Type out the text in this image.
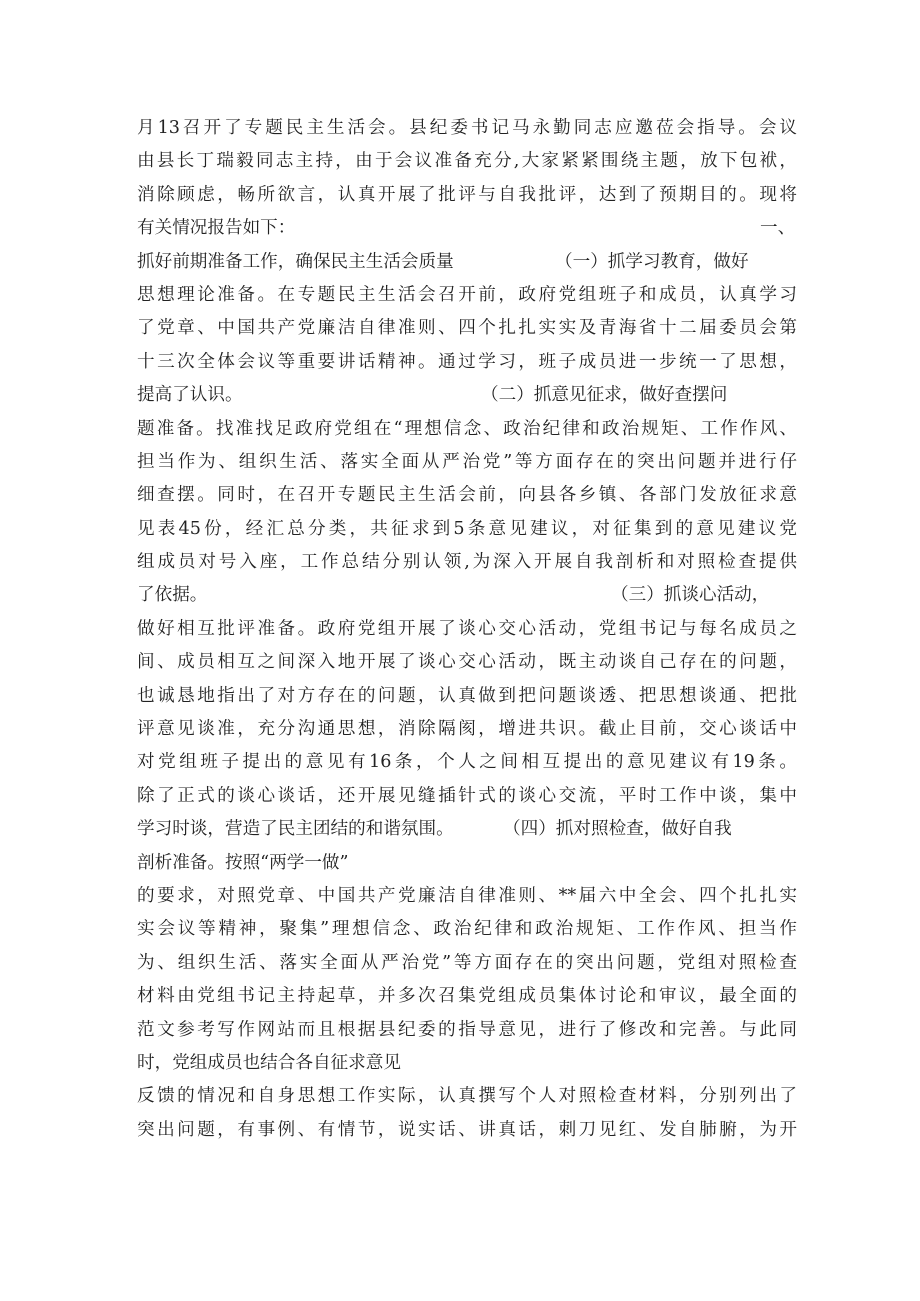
月13召开了专题民主生活会。县纪委书记马永勤同志应邀莅会指导。会议
由县长丁瑞毅同志主持，由于会议准备充分,大家紧紧围绕主题，放下包袱，
消除顾虑，畅所欲言，认真开展了批评与自我批评，达到了预期目的。现将
有关情况报告如下：	一、
抓好前期准备工作，确保民主生活会质量	（一）抓学习教育，做好
思想理论准备。在专题民主生活会召开前，政府党组班子和成员，认真学习
了党章、中国共产党廉洁自律准则、四个扎扎实实及青海省十二届委员会第
十三次全体会议等重要讲话精神。通过学习，班子成员进一步统一了思想，
提高了认识。	（二）抓意见征求，做好查摆问
题准备。找准找足政府党组在“理想信念、政治纪律和政治规矩、工作作风、
担当作为、组织生活、落实全面从严治党”等方面存在的突出问题并进行仔
细查摆。同时，在召开专题民主生活会前，向县各乡镇、各部门发放征求意
见表45份，经汇总分类，共征求到5条意见建议，对征集到的意见建议党
组成员对号入座，工作总结分别认领,为深入开展自我剖析和对照检查提供
了依据。	（三）抓谈心活动，
做好相互批评准备。政府党组开展了谈心交心活动，党组书记与每名成员之
间、成员相互之间深入地开展了谈心交心活动，既主动谈自己存在的问题，
也诚恳地指出了对方存在的问题，认真做到把问题谈透、把思想谈通、把批
评意见谈准，充分沟通思想，消除隔阂，增进共识。截止目前，交心谈话中
对党组班子提出的意见有16条，个人之间相互提出的意见建议有19条。
除了正式的谈心谈话，还开展见缝插针式的谈心交流，平时工作中谈，集中
学习时谈，营造了民主团结的和谐氛围。	（四）抓对照检查，做好自我
剖析准备。按照“两学一做”
的要求，对照党章、中国共产党廉洁自律准则、**届六中全会、四个扎扎实
实会议等精神，聚集”理想信念、政治纪律和政治规矩、工作作风、担当作
为、组织生活、落实全面从严治党”等方面存在的突出问题，党组对照检查
材料由党组书记主持起草，并多次召集党组成员集体讨论和审议，最全面的
范文参考写作网站而且根据县纪委的指导意见，进行了修改和完善。与此同
时，党组成员也结合各自征求意见
反馈的情况和自身思想工作实际，认真撰写个人对照检查材料，分别列出了
突出问题，有事例、有情节，说实话、讲真话，刺刀见红、发自肺腑，为开
